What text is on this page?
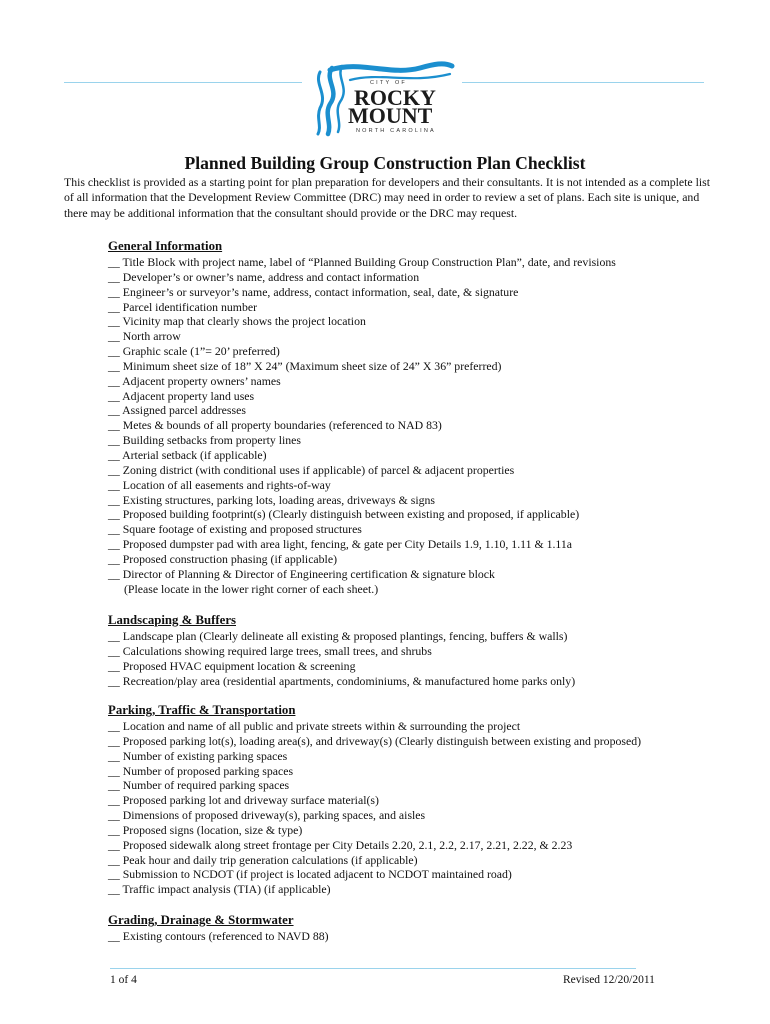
CITY OF
ROCKY
MOUNT
NORTH CAROLINA
Planned Building Group Construction Plan Checklist

This checklist is provided as a starting point for plan preparation for developers and their consultants. It is not intended as a complete list of all information that the Development Review Committee (DRC) may need in order to review a set of plans. Each site is unique, and there may be additional information that the consultant should provide or the DRC may request.

General Information
__ Title Block with project name, label of “Planned Building Group Construction Plan”, date, and revisions
__ Developer’s or owner’s name, address and contact information
__ Engineer’s or surveyor’s name, address, contact information, seal, date, & signature
__ Parcel identification number
__ Vicinity map that clearly shows the project location
__ North arrow
__ Graphic scale (1”= 20’ preferred)
__ Minimum sheet size of 18” X 24” (Maximum sheet size of 24” X 36” preferred)
__ Adjacent property owners’ names
__ Adjacent property land uses
__ Assigned parcel addresses
__ Metes & bounds of all property boundaries (referenced to NAD 83)
__ Building setbacks from property lines
__ Arterial setback (if applicable)
__ Zoning district (with conditional uses if applicable) of parcel & adjacent properties
__ Location of all easements and rights-of-way
__ Existing structures, parking lots, loading areas, driveways & signs
__ Proposed building footprint(s) (Clearly distinguish between existing and proposed, if applicable)
__ Square footage of existing and proposed structures
__ Proposed dumpster pad with area light, fencing, & gate per City Details 1.9, 1.10, 1.11 & 1.11a
__ Proposed construction phasing (if applicable)
__ Director of Planning & Director of Engineering certification & signature block
(Please locate in the lower right corner of each sheet.)
Landscaping & Buffers
__ Landscape plan (Clearly delineate all existing & proposed plantings, fencing, buffers & walls)
__ Calculations showing required large trees, small trees, and shrubs
__ Proposed HVAC equipment location & screening
__ Recreation/play area (residential apartments, condominiums, & manufactured home parks only)
Parking, Traffic & Transportation
__ Location and name of all public and private streets within & surrounding the project
__ Proposed parking lot(s), loading area(s), and driveway(s) (Clearly distinguish between existing and proposed)
__ Number of existing parking spaces
__ Number of proposed parking spaces
__ Number of required parking spaces
__ Proposed parking lot and driveway surface material(s)
__ Dimensions of proposed driveway(s), parking spaces, and aisles
__ Proposed signs (location, size & type)
__ Proposed sidewalk along street frontage per City Details 2.20, 2.1, 2.2, 2.17, 2.21, 2.22, & 2.23
__ Peak hour and daily trip generation calculations (if applicable)
__ Submission to NCDOT (if project is located adjacent to NCDOT maintained road)
__ Traffic impact analysis (TIA) (if applicable)
Grading, Drainage & Stormwater
__ Existing contours (referenced to NAVD 88)
1 of 4	Revised 12/20/2011
